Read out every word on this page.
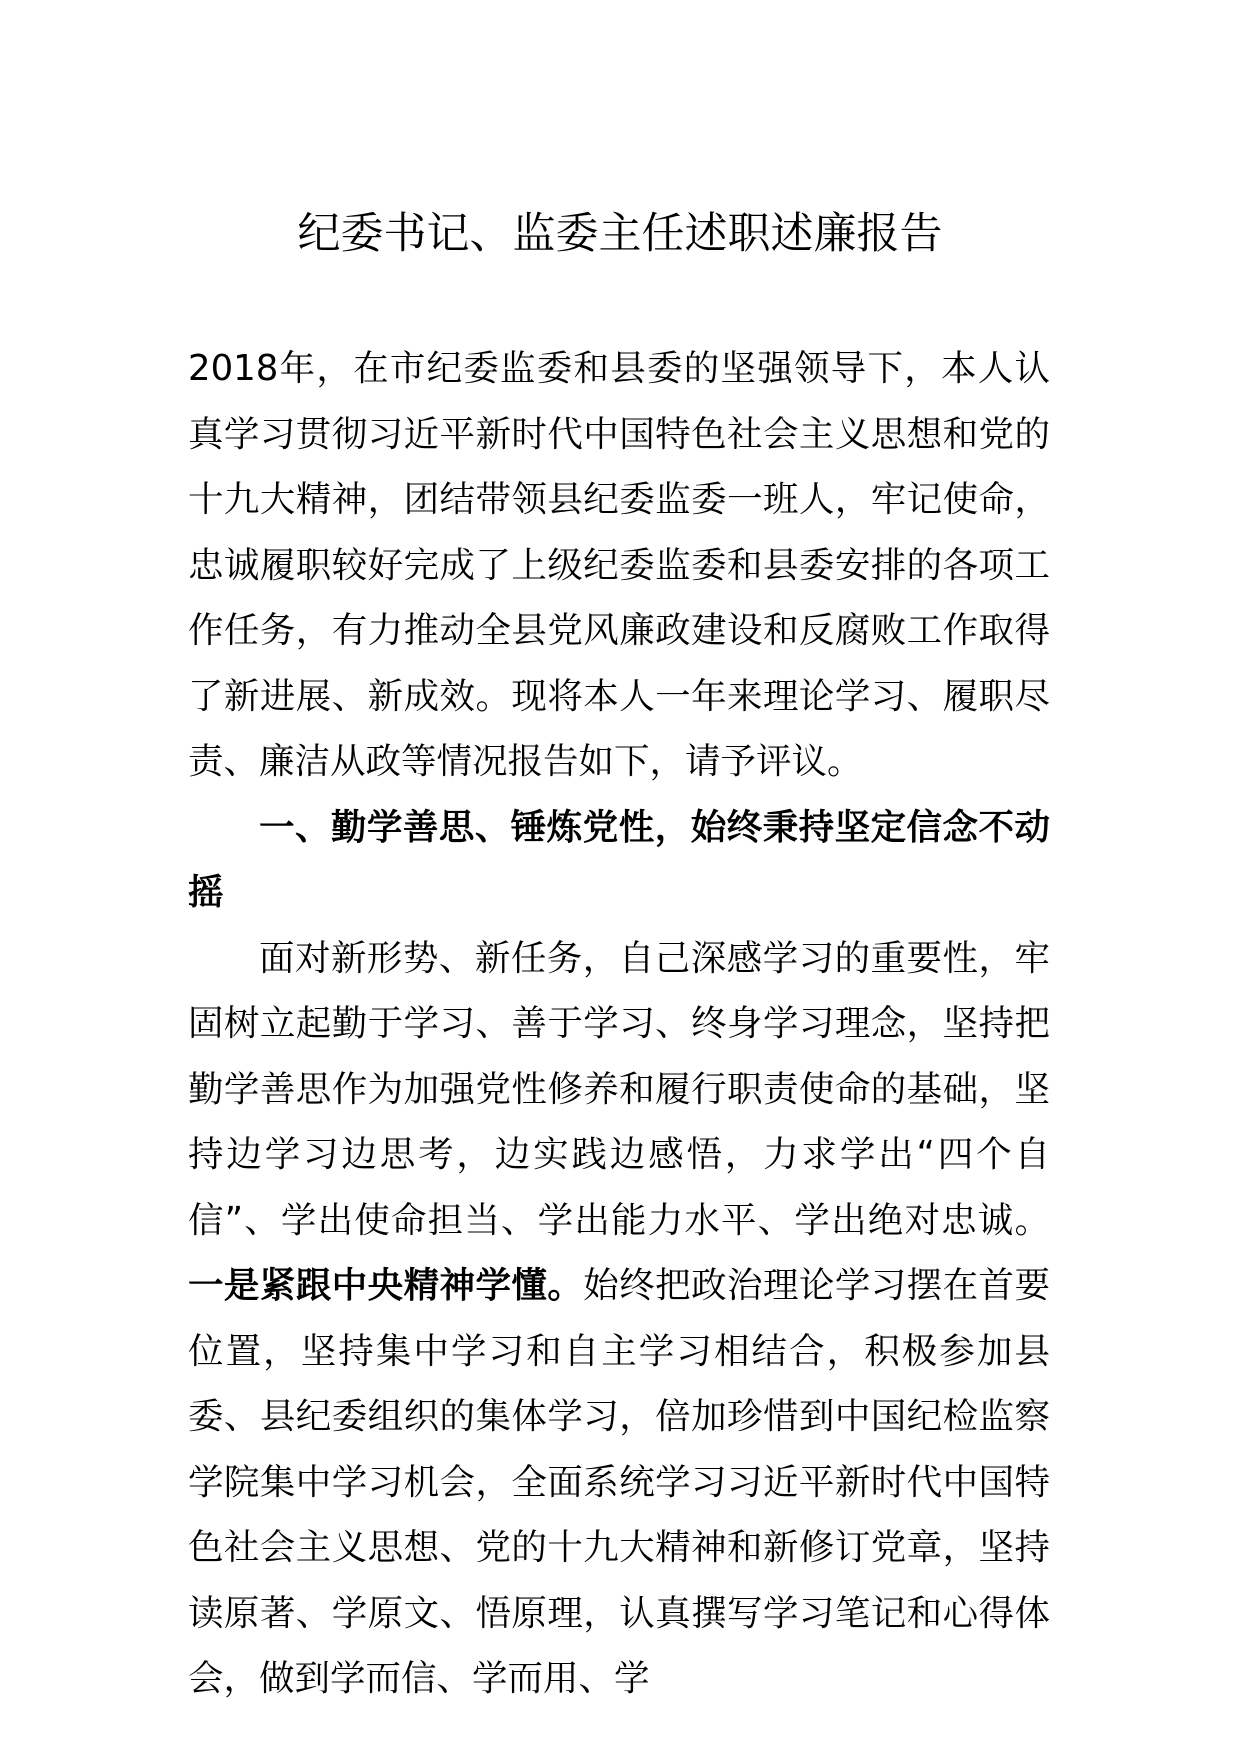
纪委书记、监委主任述职述廉报告

2018年，在市纪委监委和县委的坚强领导下，本人认真学习贯彻习近平新时代中国特色社会主义思想和党的十九大精神，团结带领县纪委监委一班人，牢记使命，忠诚履职较好完成了上级纪委监委和县委安排的各项工作任务，有力推动全县党风廉政建设和反腐败工作取得了新进展、新成效。现将本人一年来理论学习、履职尽责、廉洁从政等情况报告如下，请予评议。

一、勤学善思、锤炼党性，始终秉持坚定信念不动摇

面对新形势、新任务，自己深感学习的重要性，牢固树立起勤于学习、善于学习、终身学习理念，坚持把勤学善思作为加强党性修养和履行职责使命的基础，坚持边学习边思考，边实践边感悟，力求学出“四个自信”、学出使命担当、学出能力水平、学出绝对忠诚。一是紧跟中央精神学懂。始终把政治理论学习摆在首要位置，坚持集中学习和自主学习相结合，积极参加县委、县纪委组织的集体学习，倍加珍惜到中国纪检监察学院集中学习机会，全面系统学习习近平新时代中国特色社会主义思想、党的十九大精神和新修订党章，坚持读原著、学原文、悟原理，认真撰写学习笔记和心得体会，做到学而信、学而用、学
